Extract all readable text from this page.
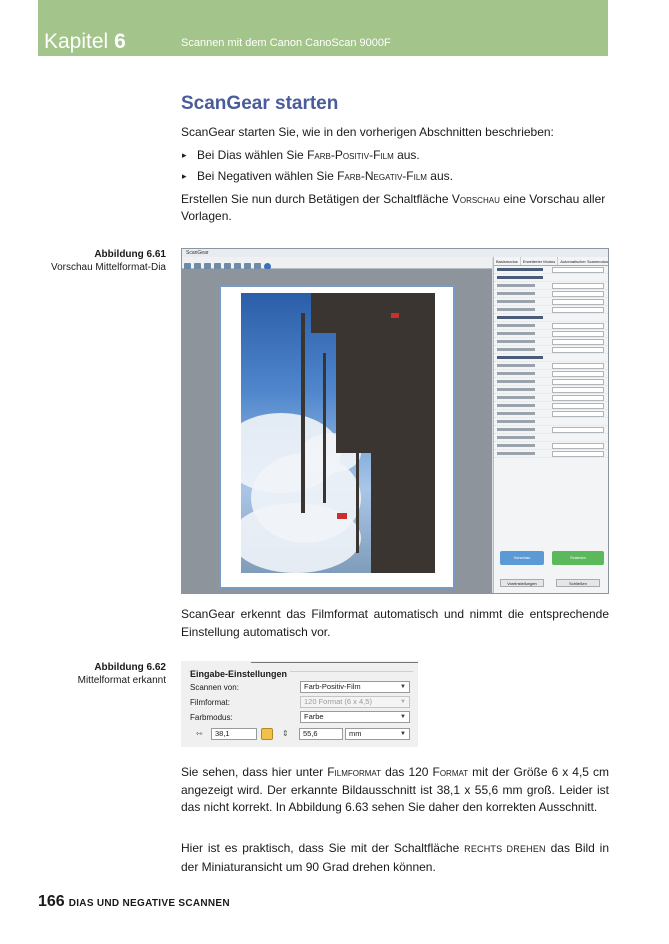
Kapitel 6	Scannen mit dem Canon CanoScan 9000F
ScanGear starten

ScanGear starten Sie, wie in den vorherigen Abschnitten beschrieben:

▸ Bei Dias wählen Sie Farb-Positiv-Film aus.
▸ Bei Negativen wählen Sie Farb-Negativ-Film aus.

Erstellen Sie nun durch Betätigen der Schaltfläche Vorschau eine Vorschau aller Vorlagen.

Abbildung 6.61
Vorschau Mittelformat-Dia
ScanGear
Basismodus Erweiterter Modus Automatischer Scanmodus
Vorschau	Scannen
Voreinstellungen	Schließen
ScanGear erkennt das Filmformat automatisch und nimmt die entsprechende Einstellung automatisch vor.
Abbildung 6.62
Mittelformat erkannt
Eingabe-Einstellungen
Scannen von:	Farb-Positiv-Film	▼
Filmformat:	120 Format (6 x 4,5)	▼
Farbmodus:	Farbe	▼
⇿	38,1	⇕	55,6	mm	▼
Sie sehen, dass hier unter Filmformat das 120 Format mit der Größe 6 x 4,5 cm angezeigt wird. Der erkannte Bildausschnitt ist 38,1 x 55,6 mm groß. Leider ist das nicht korrekt. In Abbildung 6.63 sehen Sie daher den korrekten Ausschnitt.
Hier ist es praktisch, dass Sie mit der Schaltfläche RECHTS DREHEN das Bild in der Miniaturansicht um 90 Grad drehen können.
166 DIAS UND NEGATIVE SCANNEN
